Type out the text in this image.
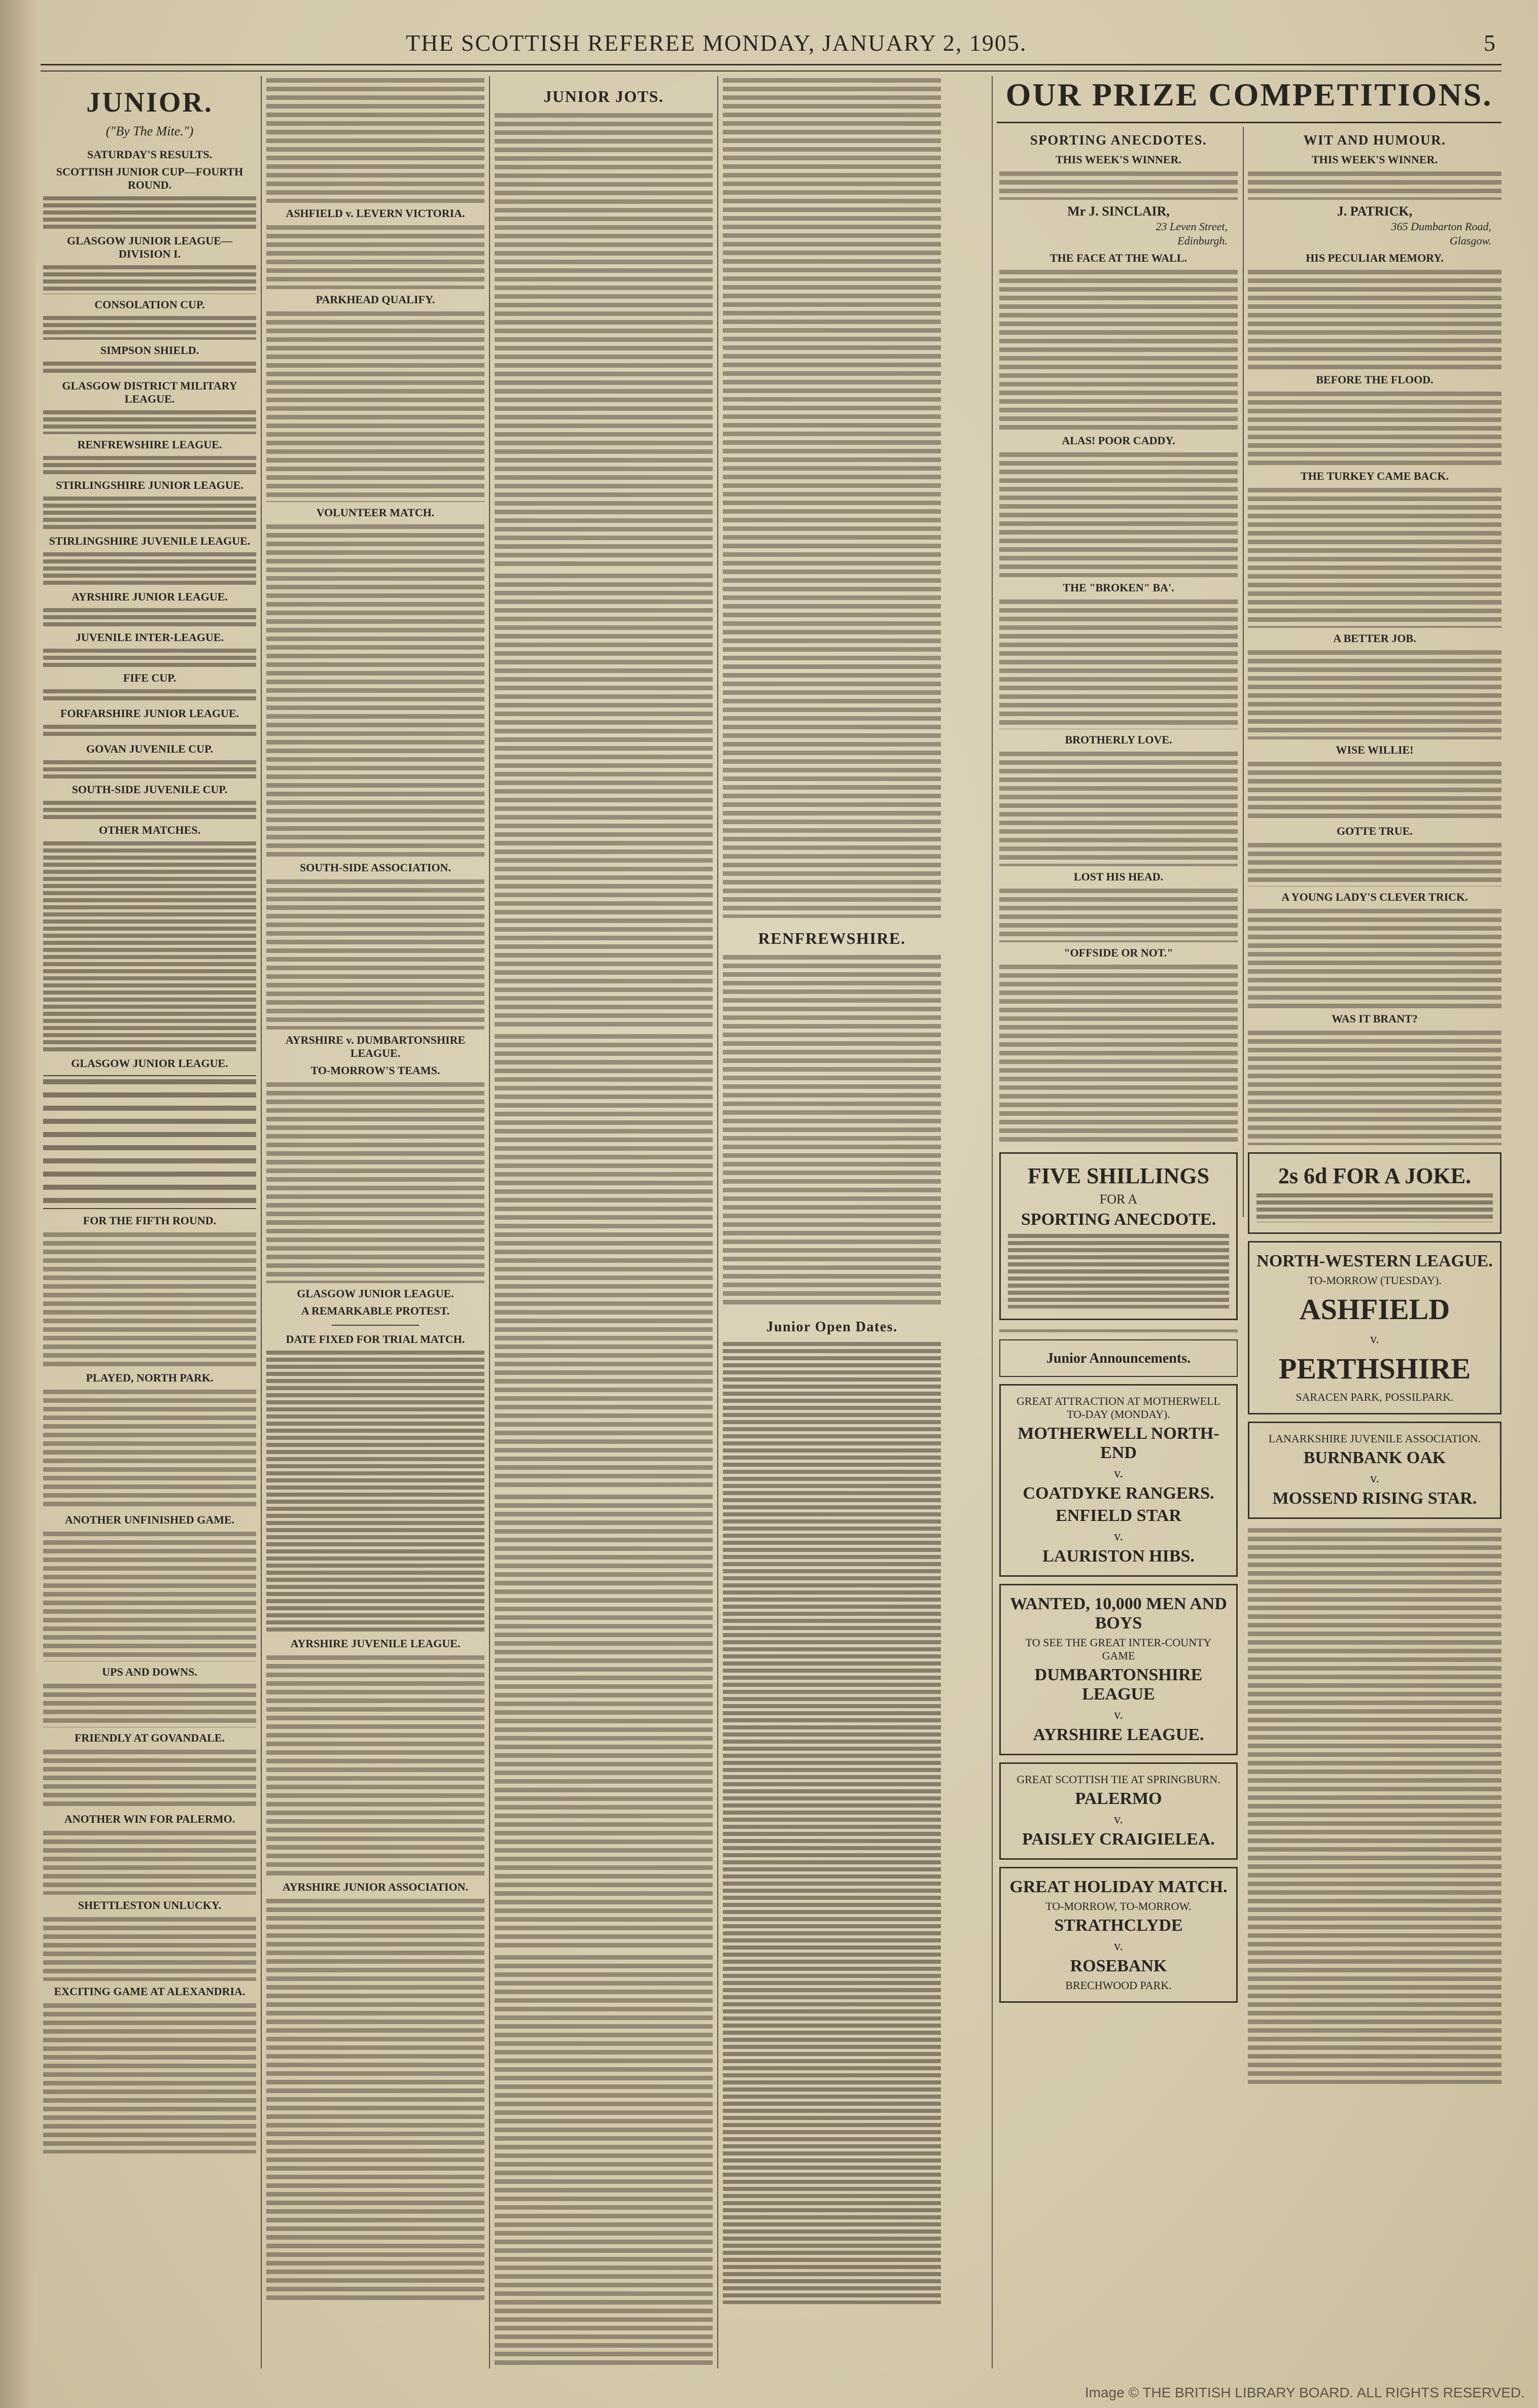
THE SCOTTISH REFEREE MONDAY, JANUARY 2, 1905.	5
JUNIOR.
("By The Mite.")
SATURDAY'S RESULTS.
SCOTTISH JUNIOR CUP—FOURTH ROUND.
GLASGOW JUNIOR LEAGUE—DIVISION I.
CONSOLATION CUP.
SIMPSON SHIELD.
GLASGOW DISTRICT MILITARY LEAGUE.
RENFREWSHIRE LEAGUE.
STIRLINGSHIRE JUNIOR LEAGUE.
STIRLINGSHIRE JUVENILE LEAGUE.
AYRSHIRE JUNIOR LEAGUE.
JUVENILE INTER-LEAGUE.
FIFE CUP.
FORFARSHIRE JUNIOR LEAGUE.
GOVAN JUVENILE CUP.
SOUTH-SIDE JUVENILE CUP.
OTHER MATCHES.
GLASGOW JUNIOR LEAGUE.
FOR THE FIFTH ROUND.
PLAYED, NORTH PARK.
ANOTHER UNFINISHED GAME.
UPS AND DOWNS.
FRIENDLY AT GOVANDALE.
ANOTHER WIN FOR PALERMO.
SHETTLESTON UNLUCKY.
EXCITING GAME AT ALEXANDRIA.
ASHFIELD v. LEVERN VICTORIA.
PARKHEAD QUALIFY.
VOLUNTEER MATCH.
SOUTH-SIDE ASSOCIATION.
AYRSHIRE v. DUMBARTONSHIRE LEAGUE.
TO-MORROW'S TEAMS.
GLASGOW JUNIOR LEAGUE.
A REMARKABLE PROTEST.
DATE FIXED FOR TRIAL MATCH.
AYRSHIRE JUVENILE LEAGUE.
AYRSHIRE JUNIOR ASSOCIATION.
JUNIOR JOTS.
RENFREWSHIRE.
Junior Open Dates.
OUR PRIZE COMPETITIONS.
SPORTING ANECDOTES.
THIS WEEK'S WINNER.
Mr J. SINCLAIR,
23 Leven Street,
Edinburgh.
THE FACE AT THE WALL.
ALAS! POOR CADDY.
THE "BROKEN" BA'.
BROTHERLY LOVE.
LOST HIS HEAD.
"OFFSIDE OR NOT."
FIVE SHILLINGS
FOR A
SPORTING ANECDOTE.
Junior Announcements.
GREAT ATTRACTION AT MOTHERWELL TO-DAY (MONDAY).
MOTHERWELL NORTH-END
v.
COATDYKE RANGERS.
ENFIELD STAR
v.
LAURISTON HIBS.
WANTED, 10,000 MEN AND BOYS
TO SEE THE GREAT INTER-COUNTY GAME
DUMBARTONSHIRE LEAGUE
v.
AYRSHIRE LEAGUE.
GREAT SCOTTISH TIE AT SPRINGBURN.
PALERMO
v.
PAISLEY CRAIGIELEA.
GREAT HOLIDAY MATCH.
TO-MORROW, TO-MORROW.
STRATHCLYDE
v.
ROSEBANK
BRECHWOOD PARK.
WIT AND HUMOUR.
THIS WEEK'S WINNER.
J. PATRICK,
365 Dumbarton Road,
Glasgow.
HIS PECULIAR MEMORY.
BEFORE THE FLOOD.
THE TURKEY CAME BACK.
A BETTER JOB.
WISE WILLIE!
GOTTE TRUE.
A YOUNG LADY'S CLEVER TRICK.
WAS IT BRANT?
2s 6d FOR A JOKE.
NORTH-WESTERN LEAGUE.
TO-MORROW (TUESDAY).
ASHFIELD
v.
PERTHSHIRE
SARACEN PARK, POSSILPARK.
LANARKSHIRE JUVENILE ASSOCIATION.
BURNBANK OAK
v.
MOSSEND RISING STAR.
Image © THE BRITISH LIBRARY BOARD. ALL RIGHTS RESERVED.
